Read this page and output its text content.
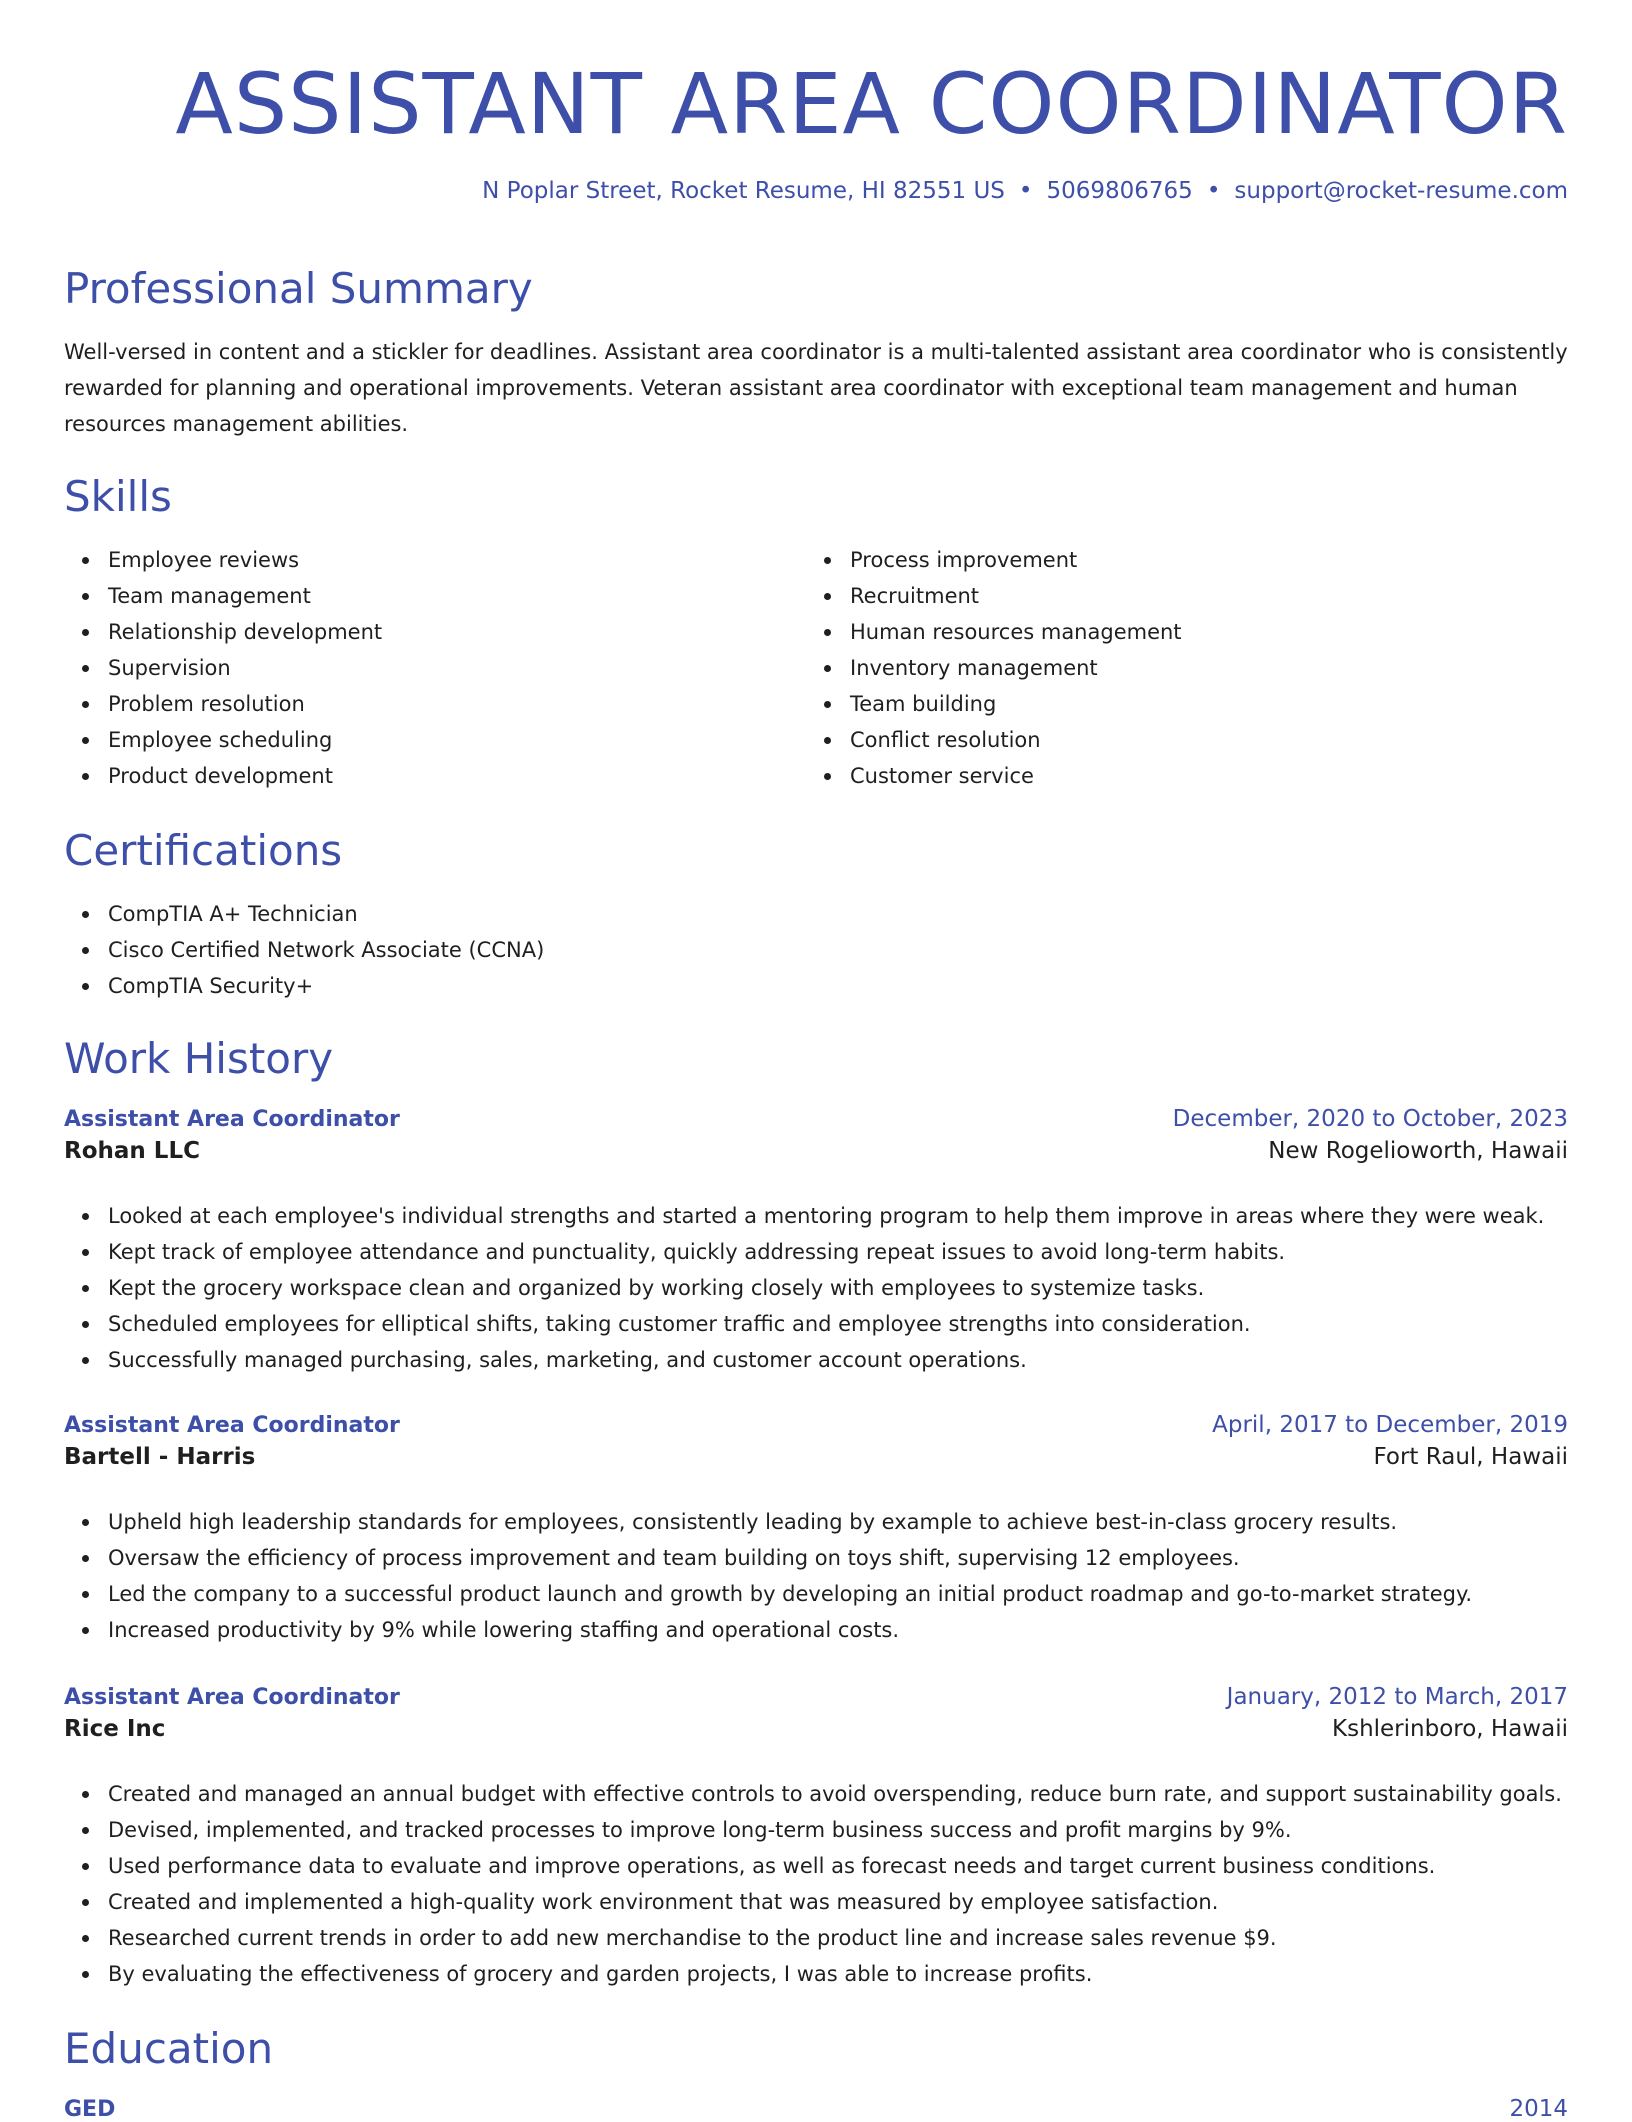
ASSISTANT AREA COORDINATOR
N Poplar Street, Rocket Resume, HI 82551 US • 5069806765 • support@rocket-resume.com
Professional Summary

Well-versed in content and a stickler for deadlines. Assistant area coordinator is a multi-talented assistant area coordinator who is consistently rewarded for planning and operational improvements. Veteran assistant area coordinator with exceptional team management and human resources management abilities.

Skills
Employee reviews
Team management
Relationship development
Supervision
Problem resolution
Employee scheduling
Product development
Process improvement
Recruitment
Human resources management
Inventory management
Team building
Conflict resolution
Customer service
Certifications
CompTIA A+ Technician
Cisco Certified Network Associate (CCNA)
CompTIA Security+
Work History
Assistant Area Coordinator	December, 2020 to October, 2023
Rohan LLC	New Rogelioworth, Hawaii
Looked at each employee's individual strengths and started a mentoring program to help them improve in areas where they were weak.
Kept track of employee attendance and punctuality, quickly addressing repeat issues to avoid long-term habits.
Kept the grocery workspace clean and organized by working closely with employees to systemize tasks.
Scheduled employees for elliptical shifts, taking customer traffic and employee strengths into consideration.
Successfully managed purchasing, sales, marketing, and customer account operations.
Assistant Area Coordinator	April, 2017 to December, 2019
Bartell - Harris	Fort Raul, Hawaii
Upheld high leadership standards for employees, consistently leading by example to achieve best-in-class grocery results.
Oversaw the efficiency of process improvement and team building on toys shift, supervising 12 employees.
Led the company to a successful product launch and growth by developing an initial product roadmap and go-to-market strategy.
Increased productivity by 9% while lowering staffing and operational costs.
Assistant Area Coordinator	January, 2012 to March, 2017
Rice Inc	Kshlerinboro, Hawaii
Created and managed an annual budget with effective controls to avoid overspending, reduce burn rate, and support sustainability goals.
Devised, implemented, and tracked processes to improve long-term business success and profit margins by 9%.
Used performance data to evaluate and improve operations, as well as forecast needs and target current business conditions.
Created and implemented a high-quality work environment that was measured by employee satisfaction.
Researched current trends in order to add new merchandise to the product line and increase sales revenue $9.
By evaluating the effectiveness of grocery and garden projects, I was able to increase profits.
Education
GED	2014
